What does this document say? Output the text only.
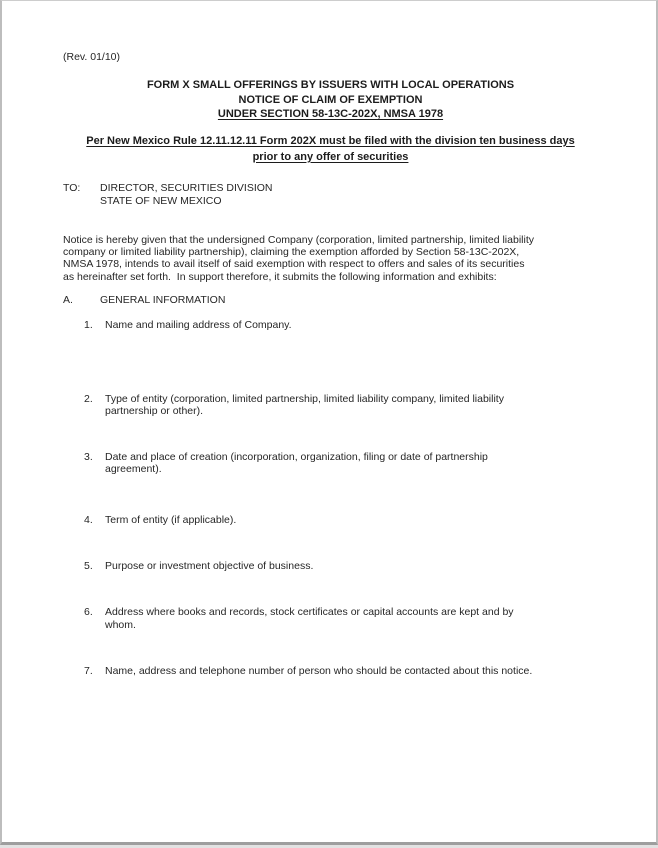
(Rev. 01/10)
FORM X SMALL OFFERINGS BY ISSUERS WITH LOCAL OPERATIONS
NOTICE OF CLAIM OF EXEMPTION
UNDER SECTION 58-13C-202X, NMSA 1978
Per New Mexico Rule 12.11.12.11 Form 202X must be filed with the division ten business days
prior to any offer of securities
TO:	DIRECTOR, SECURITIES DIVISION
STATE OF NEW MEXICO
Notice is hereby given that the undersigned Company (corporation, limited partnership, limited liability
company or limited liability partnership), claiming the exemption afforded by Section 58-13C-202X,
NMSA 1978, intends to avail itself of said exemption with respect to offers and sales of its securities
as hereinafter set forth.  In support therefore, it submits the following information and exhibits:
A.	GENERAL INFORMATION
1.	Name and mailing address of Company.
2.	Type of entity (corporation, limited partnership, limited liability company, limited liability
partnership or other).
3.	Date and place of creation (incorporation, organization, filing or date of partnership
agreement).
4.	Term of entity (if applicable).
5.	Purpose or investment objective of business.
6.	Address where books and records, stock certificates or capital accounts are kept and by
whom.
7.	Name, address and telephone number of person who should be contacted about this notice.
